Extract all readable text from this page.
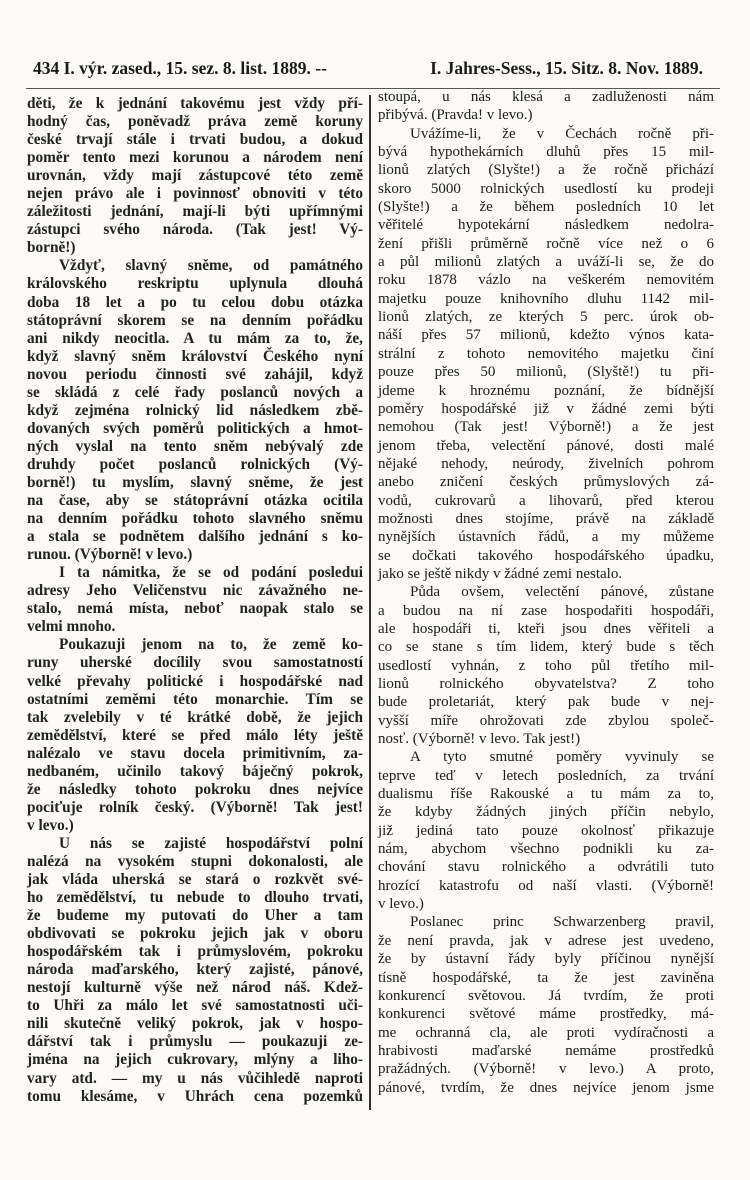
434 I. výr. zased., 15. sez. 8. list. 1889. --	I. Jahres-Sess., 15. Sitz. 8. Nov. 1889.
děti, že k jednání takovému jest vždy pří-
hodný čas, poněvadž práva země koruny
české trvají stále i trvati budou, a dokud
poměr tento mezi korunou a národem není
urovnán, vždy mají zástupcové této země
nejen právo ale i povinnosť obnoviti v této
záležitosti jednání, mají-li býti upřímnými
zástupci svého národa. (Tak jest! Vý-
borně!)
Vždyť, slavný sněme, od památného
královského reskriptu uplynula dlouhá
doba 18 let a po tu celou dobu otázka
státoprávní skorem se na denním pořádku
ani nikdy neocitla. A tu mám za to, že,
když slavný sněm království Českého nyní
novou periodu činnosti své zahájil, když
se skládá z celé řady poslanců nových a
když zejména rolnický lid následkem zbě-
dovaných svých poměrů politických a hmot-
ných vyslal na tento sněm nebývalý zde
druhdy počet poslanců rolnických (Vý-
borně!) tu myslím, slavný sněme, že jest
na čase, aby se státoprávní otázka ocitila
na denním pořádku tohoto slavného sněmu
a stala se podnětem dalšího jednání s ko-
runou. (Výborně! v levo.)
I ta námitka, že se od podání posledui
adresy Jeho Veličenstvu nic závažného ne-
stalo, nemá místa, neboť naopak stalo se
velmi mnoho.
Poukazuji jenom na to, že země ko-
runy uherské docílily svou samostatností
velké převahy politické i hospodářské nad
ostatními zeměmi této monarchie. Tím se
tak zvelebily v té krátké době, že jejich
zemědělství, které se před málo léty ještě
nalézalo ve stavu docela primitivním, za-
nedbaném, učinilo takový báječný pokrok,
že následky tohoto pokroku dnes nejvíce
pociťuje rolník český. (Výborně! Tak jest!
v levo.)
U nás se zajisté hospodářství polní
nalézá na vysokém stupni dokonalosti, ale
jak vláda uherská se stará o rozkvět své-
ho zemědělství, tu nebude to dlouho trvati,
že budeme my putovati do Uher a tam
obdivovati se pokroku jejich jak v oboru
hospodářském tak i průmyslovém, pokroku
národa maďarského, který zajisté, pánové,
nestojí kulturně výše než národ náš. Kdež-
to Uhři za málo let své samostatnosti uči-
nili skutečně veliký pokrok, jak v hospo-
dářství tak i průmyslu — poukazuji ze-
jména na jejich cukrovary, mlýny a liho-
vary atd. — my u nás vůčihledě naproti
tomu klesáme, v Uhrách cena pozemků
stoupá, u nás klesá a zadluženosti nám
přibývá. (Pravda! v levo.)
Uvážíme-li, že v Čechách ročně při-
bývá hypothekárních dluhů přes 15 mil-
lionů zlatých (Slyšte!) a že ročně přichází
skoro 5000 rolnických usedlostí ku prodeji
(Slyšte!) a že během posledních 10 let
věřitelé hypotekární následkem nedolra-
žení přišli průměrně ročně více než o 6
a půl milionů zlatých a uváží-li se, že do
roku 1878 vázlo na veškerém nemovitém
majetku pouze knihovního dluhu 1142 mil-
lionů zlatých, ze kterých 5 perc. úrok ob-
náší přes 57 milionů, kdežto výnos kata-
strální z tohoto nemovitého majetku činí
pouze přes 50 milionů, (Slyště!) tu při-
jdeme k hroznému poznání, že bídnější
poměry hospodářské již v žádné zemi býti
nemohou (Tak jest! Výborně!) a že jest
jenom třeba, velectění pánové, dosti malé
nějaké nehody, neúrody, živelních pohrom
anebo zničení českých průmyslových zá-
vodů, cukrovarů a lihovarů, před kterou
možnosti dnes stojíme, právě na základě
nynějších ústavních řádů, a my můžeme
se dočkati takového hospodářského úpadku,
jako se ještě nikdy v žádné zemi nestalo.
Půda ovšem, velectění pánové, zůstane
a budou na ní zase hospodařiti hospodáři,
ale hospodáři ti, kteři jsou dnes věřiteli a
co se stane s tím lidem, který bude s těch
usedlostí vyhnán, z toho půl třetího mil-
lionů rolnického obyvatelstva? Z toho
bude proletariát, který pak bude v nej-
vyšší míře ohrožovati zde zbylou společ-
nosť. (Výborně! v levo. Tak jest!)
A tyto smutné poměry vyvinuly se
teprve teď v letech posledních, za trvání
dualismu říše Rakouské a tu mám za to,
že kdyby žádných jiných příčin nebylo,
již jediná tato pouze okolnosť přikazuje
nám, abychom všechno podnikli ku za-
chování stavu rolnického a odvrátili tuto
hrozící katastrofu od naší vlasti. (Výborně!
v levo.)
Poslanec princ Schwarzenberg pravil,
že není pravda, jak v adrese jest uvedeno,
že by ústavní řády byly příčinou nynější
tísně hospodářské, ta že jest zaviněna
konkurencí světovou. Já tvrdím, že proti
konkurenci světové máme prostředky, má-
me ochranná cla, ale proti vydíračnosti a
hrabivosti maďarské nemáme prostředků
pražádných. (Výborně! v levo.) A proto,
pánové, tvrdím, že dnes nejvíce jenom jsme
